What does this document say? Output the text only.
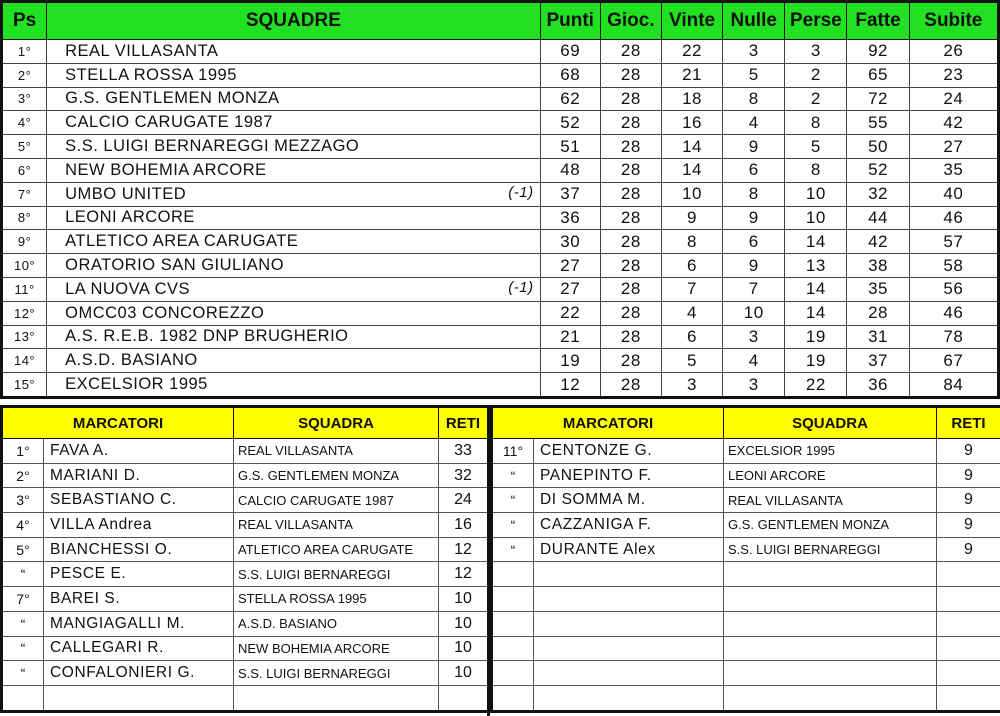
Ps	SQUADRE	Punti	Gioc.	Vinte	Nulle	Perse	Fatte	Subite
1°	REAL VILLASANTA	69	28	22	3	3	92	26
2°	STELLA ROSSA 1995	68	28	21	5	2	65	23
3°	G.S. GENTLEMEN MONZA	62	28	18	8	2	72	24
4°	CALCIO CARUGATE 1987	52	28	16	4	8	55	42
5°	S.S. LUIGI BERNAREGGI MEZZAGO	51	28	14	9	5	50	27
6°	NEW BOHEMIA ARCORE	48	28	14	6	8	52	35
7°	UMBO UNITED (-1)	37	28	10	8	10	32	40
8°	LEONI ARCORE	36	28	9	9	10	44	46
9°	ATLETICO AREA CARUGATE	30	28	8	6	14	42	57
10°	ORATORIO SAN GIULIANO	27	28	6	9	13	38	58
11°	LA NUOVA CVS (-1)	27	28	7	7	14	35	56
12°	OMCC03 CONCOREZZO	22	28	4	10	14	28	46
13°	A.S. R.E.B. 1982 DNP BRUGHERIO	21	28	6	3	19	31	78
14°	A.S.D. BASIANO	19	28	5	4	19	37	67
15°	EXCELSIOR 1995	12	28	3	3	22	36	84
MARCATORI		SQUADRA	RETI
1°	FAVA A.	REAL VILLASANTA	33
2°	MARIANI D.	G.S. GENTLEMEN MONZA	32
3°	SEBASTIANO C.	CALCIO CARUGATE 1987	24
4°	VILLA Andrea	REAL VILLASANTA	16
5°	BIANCHESSI O.	ATLETICO AREA CARUGATE	12
“	PESCE E.	S.S. LUIGI BERNAREGGI	12
7°	BAREI S.	STELLA ROSSA 1995	10
“	MANGIAGALLI M.	A.S.D. BASIANO	10
“	CALLEGARI R.	NEW BOHEMIA ARCORE	10
“	CONFALONIERI G.	S.S. LUIGI BERNAREGGI	10

MARCATORI		SQUADRA	RETI
11°	CENTONZE G.	EXCELSIOR 1995	9
“	PANEPINTO F.	LEONI ARCORE	9
“	DI SOMMA M.	REAL VILLASANTA	9
“	CAZZANIGA F.	G.S. GENTLEMEN MONZA	9
“	DURANTE Alex	S.S. LUIGI BERNAREGGI	9
